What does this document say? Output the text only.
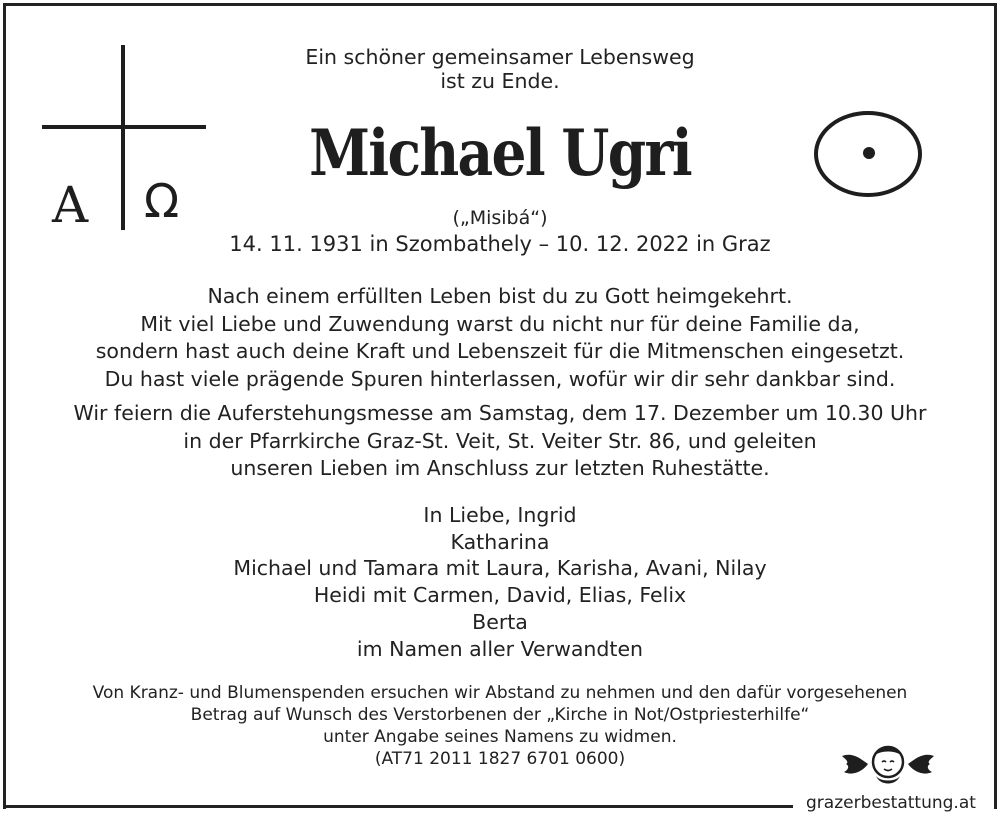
grazerbestattung.at
A Ω
Ein schöner gemeinsamer Lebensweg
ist zu Ende.
Michael Ugri
(„Misibá“)
14. 11. 1931 in Szombathely – 10. 12. 2022 in Graz
Nach einem erfüllten Leben bist du zu Gott heimgekehrt.
Mit viel Liebe und Zuwendung warst du nicht nur für deine Familie da,
sondern hast auch deine Kraft und Lebenszeit für die Mitmenschen eingesetzt.
Du hast viele prägende Spuren hinterlassen, wofür wir dir sehr dankbar sind.
Wir feiern die Auferstehungsmesse am Samstag, dem 17. Dezember um 10.30 Uhr
in der Pfarrkirche Graz-St. Veit, St. Veiter Str. 86, und geleiten
unseren Lieben im Anschluss zur letzten Ruhestätte.
In Liebe, Ingrid
Katharina
Michael und Tamara mit Laura, Karisha, Avani, Nilay
Heidi mit Carmen, David, Elias, Felix
Berta
im Namen aller Verwandten
Von Kranz- und Blumenspenden ersuchen wir Abstand zu nehmen und den dafür vorgesehenen
Betrag auf Wunsch des Verstorbenen der „Kirche in Not/Ostpriesterhilfe“
unter Angabe seines Namens zu widmen.
(AT71 2011 1827 6701 0600)
